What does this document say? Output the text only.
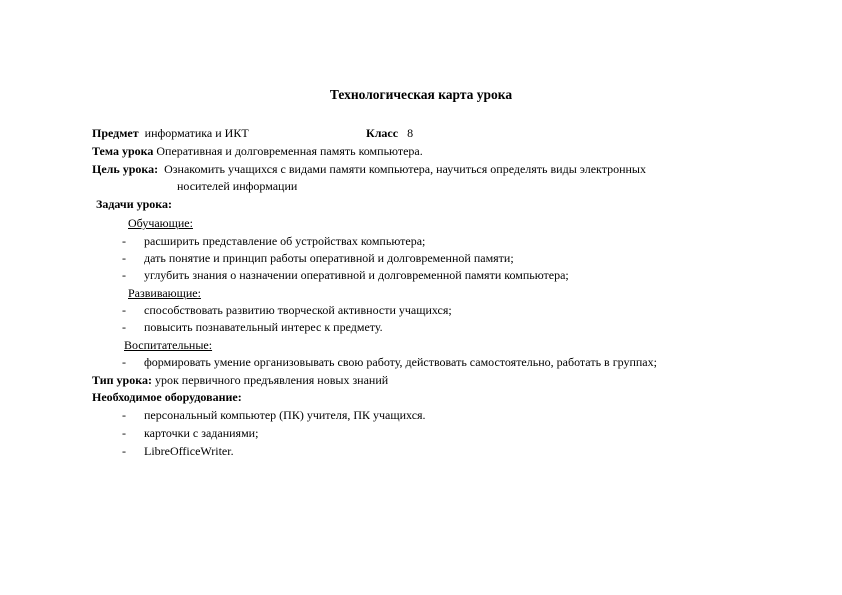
Технологическая карта урока
Предмет информатика и ИКТ	Класс 8
Тема урока Оперативная и долговременная память компьютера.
Цель урока: Ознакомить учащихся с видами памяти компьютера, научиться определять виды электронных
носителей информации
Задачи урока:
Обучающие:
- расширить представление об устройствах компьютера;
- дать понятие и принцип работы оперативной и долговременной памяти;
- углубить знания о назначении оперативной и долговременной памяти компьютера;
Развивающие:
- способствовать развитию творческой активности учащихся;
- повысить познавательный интерес к предмету.
Воспитательные:
- формировать умение организовывать свою работу, действовать самостоятельно, работать в группах;
Тип урока: урок первичного предъявления новых знаний
Необходимое оборудование:
- персональный компьютер (ПК) учителя, ПК учащихся.
- карточки с заданиями;
- LibreOfficeWriter.
